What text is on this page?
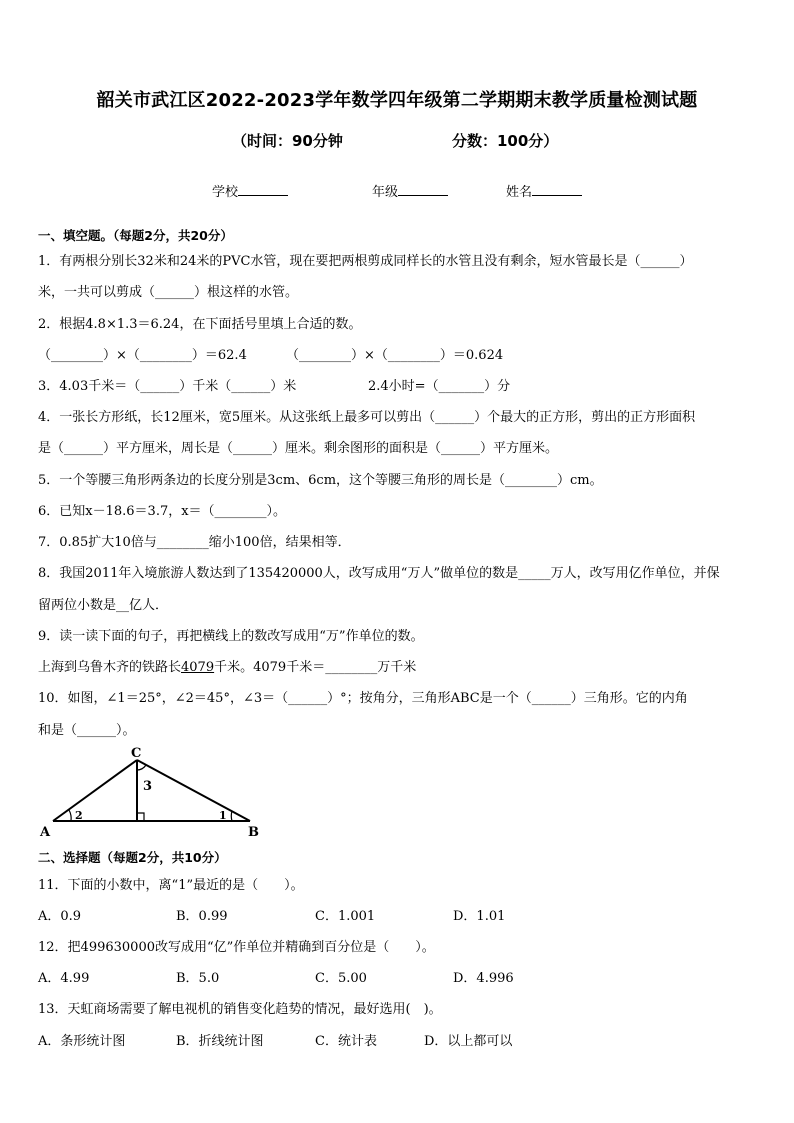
韶关市武江区2022-2023学年数学四年级第二学期期末教学质量检测试题
（时间：90分钟	分数：100分）
学校	年级	姓名
一、填空题。（每题2分，共20分）
1．有两根分别长32米和24米的PVC水管，现在要把两根剪成同样长的水管且没有剩余，短水管最长是（______）
米，一共可以剪成（______）根这样的水管。
2．根据4.8×1.3＝6.24，在下面括号里填上合适的数。
（________）×（________）＝62.4	（________）×（________）＝0.624
3．4.03千米＝（______）千米（______）米	2.4小时=（_______）分
4．一张长方形纸，长12厘米，宽5厘米。从这张纸上最多可以剪出（______）个最大的正方形，剪出的正方形面积
是（______）平方厘米，周长是（______）厘米。剩余图形的面积是（______）平方厘米。
5．一个等腰三角形两条边的长度分别是3cm、6cm，这个等腰三角形的周长是（________）cm。
6．已知x－18.6＝3.7，x＝（________）。
7．0.85扩大10倍与________缩小100倍，结果相等．
8．我国2011年入境旅游人数达到了135420000人，改写成用“万人”做单位的数是_____万人，改写用亿作单位，并保
留两位小数是__亿人．
9．读一读下面的句子，再把横线上的数改写成用“万”作单位的数。
上海到乌鲁木齐的铁路长4079千米。4079千米＝________万千米
10．如图，∠1＝25°，∠2＝45°，∠3＝（______）°；按角分，三角形ABC是一个（______）三角形。它的内角
和是（______）。
A	B
C
1
2
3
二、选择题（每题2分，共10分）
11．下面的小数中，离“1”最近的是（　　）。
A．0.9	B．0.99	C．1.001	D．1.01
12．把499630000改写成用“亿”作单位并精确到百分位是（　　）。
A．4.99	B．5.0	C．5.00	D．4.996
13．天虹商场需要了解电视机的销售变化趋势的情况，最好选用(　)。
A．条形统计图	B．折线统计图	C．统计表	D．以上都可以
